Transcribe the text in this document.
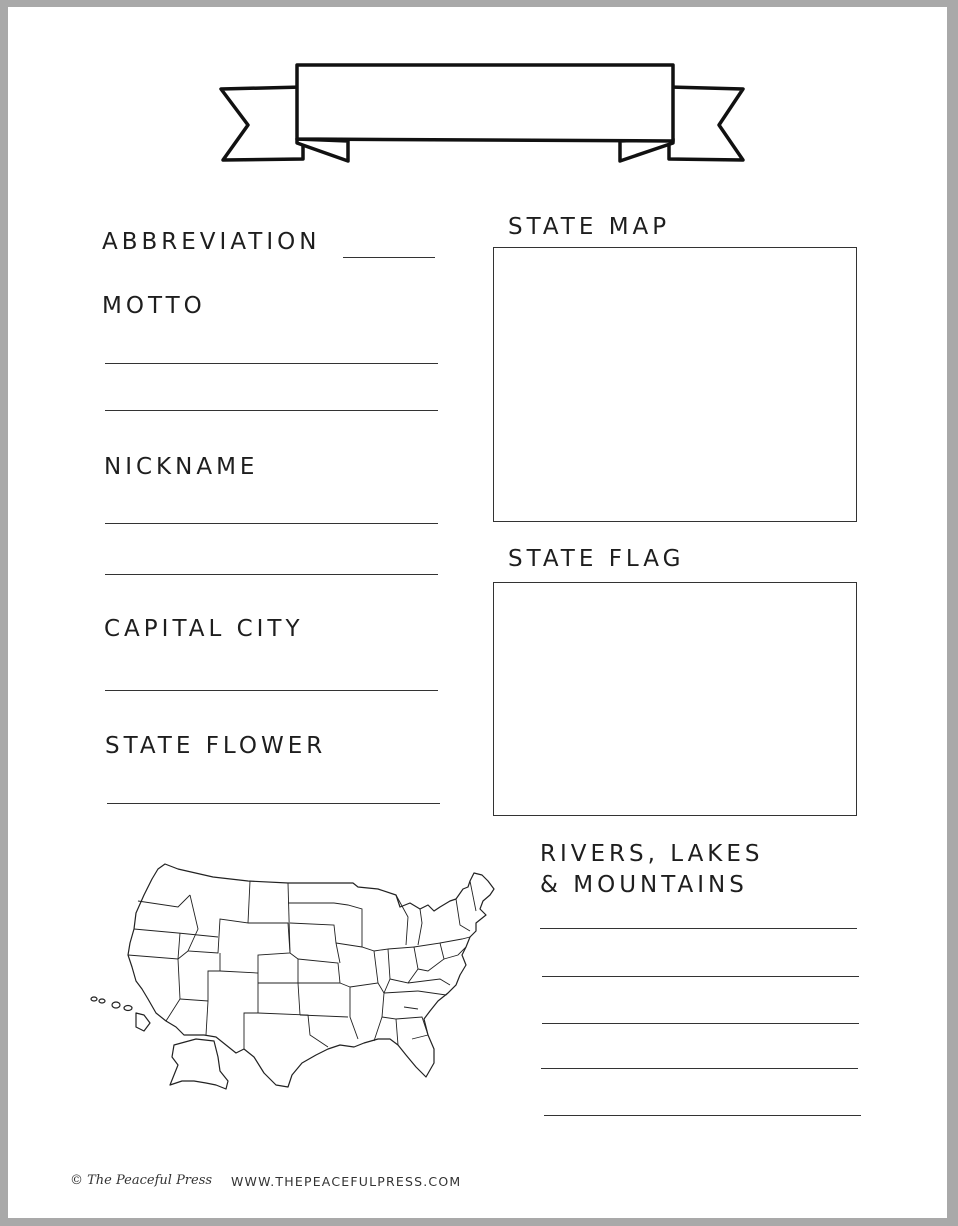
ABBREVIATION
MOTTO
NICKNAME
CAPITAL CITY
STATE FLOWER
STATE MAP
STATE FLAG
RIVERS, LAKES
& MOUNTAINS
© The Peaceful Press WWW.THEPEACEFULPRESS.COM
